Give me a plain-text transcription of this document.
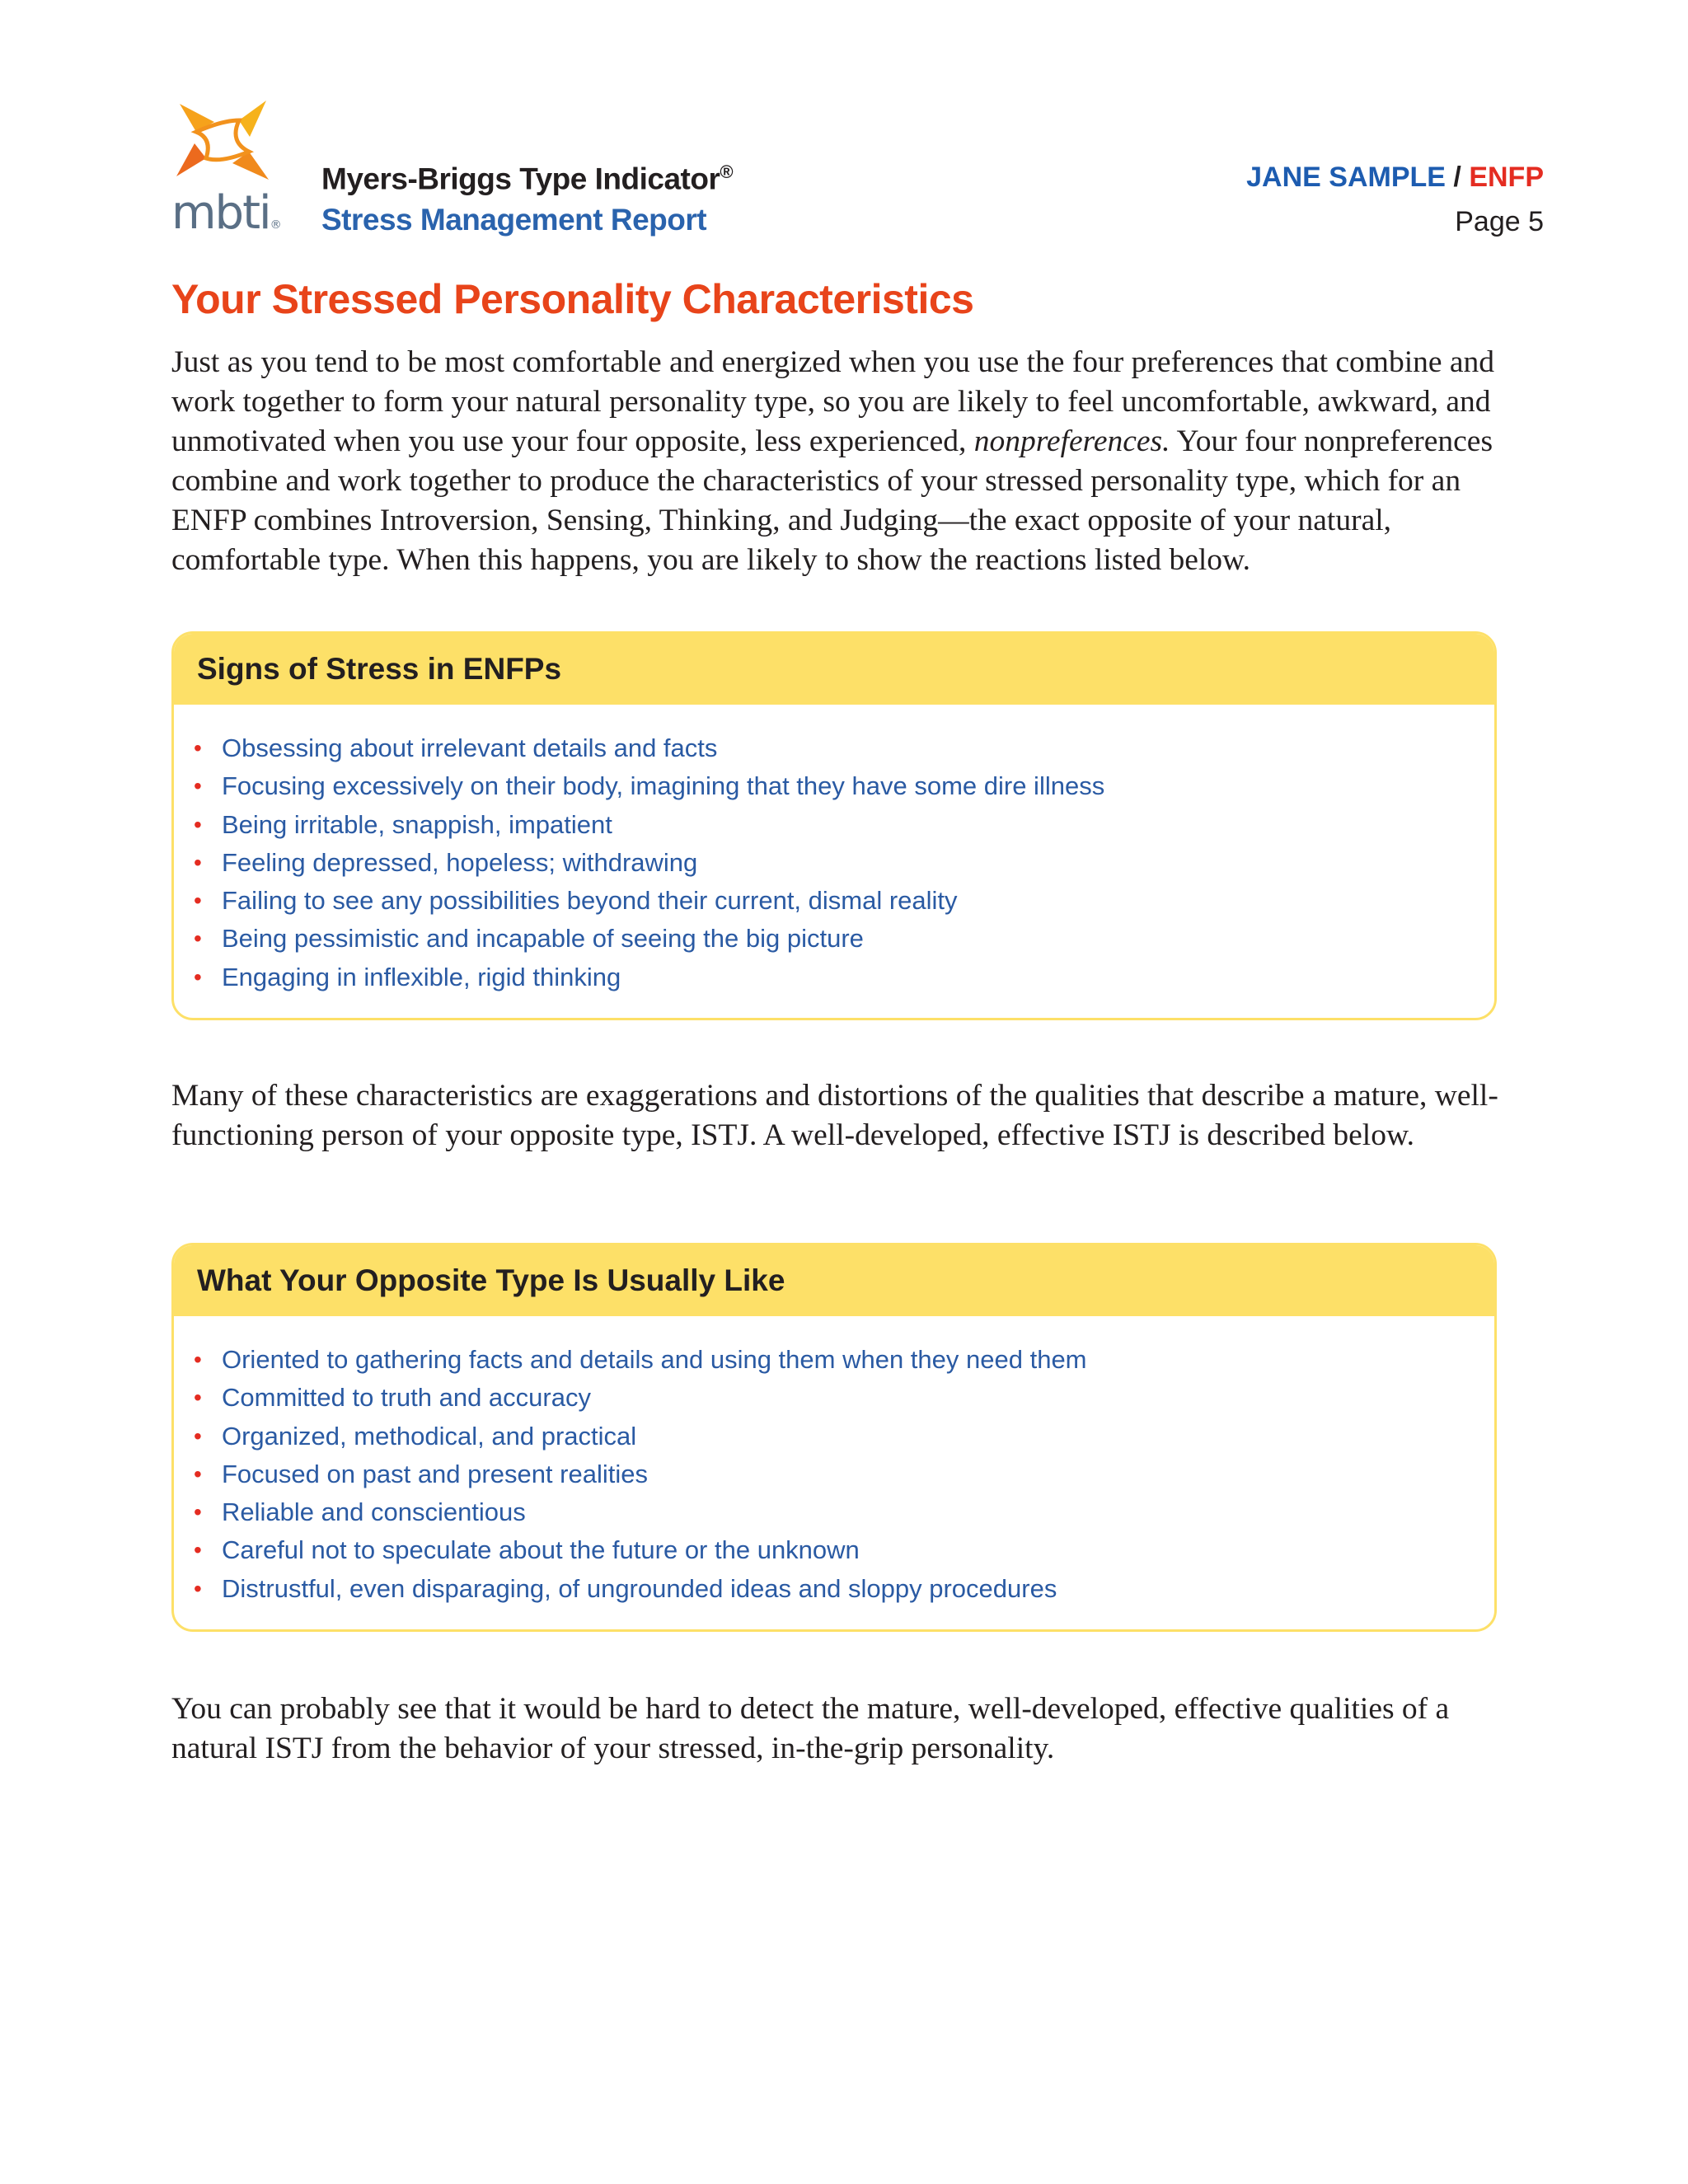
mbti®
Myers-Briggs Type Indicator®
Stress Management Report
JANE SAMPLE / ENFP
Page 5
Your Stressed Personality Characteristics

Just as you tend to be most comfortable and energized when you use the four preferences that combine and work together to form your natural personality type, so you are likely to feel uncomfortable, awkward, and unmotivated when you use your four opposite, less experienced, nonpreferences. Your four nonpreferences combine and work together to produce the characteristics of your stressed personality type, which for an ENFP combines Introversion, Sensing, Thinking, and Judging—the exact opposite of your natural, comfortable type. When this happens, you are likely to show the reactions listed below.

Signs of Stress in ENFPs
• Obsessing about irrelevant details and facts
• Focusing excessively on their body, imagining that they have some dire illness
• Being irritable, snappish, impatient
• Feeling depressed, hopeless; withdrawing
• Failing to see any possibilities beyond their current, dismal reality
• Being pessimistic and incapable of seeing the big picture
• Engaging in inflexible, rigid thinking

Many of these characteristics are exaggerations and distortions of the qualities that describe a mature, well-functioning person of your opposite type, ISTJ. A well-developed, effective ISTJ is described below.

What Your Opposite Type Is Usually Like
• Oriented to gathering facts and details and using them when they need them
• Committed to truth and accuracy
• Organized, methodical, and practical
• Focused on past and present realities
• Reliable and conscientious
• Careful not to speculate about the future or the unknown
• Distrustful, even disparaging, of ungrounded ideas and sloppy procedures

You can probably see that it would be hard to detect the mature, well-developed, effective qualities of a natural ISTJ from the behavior of your stressed, in-the-grip personality.
